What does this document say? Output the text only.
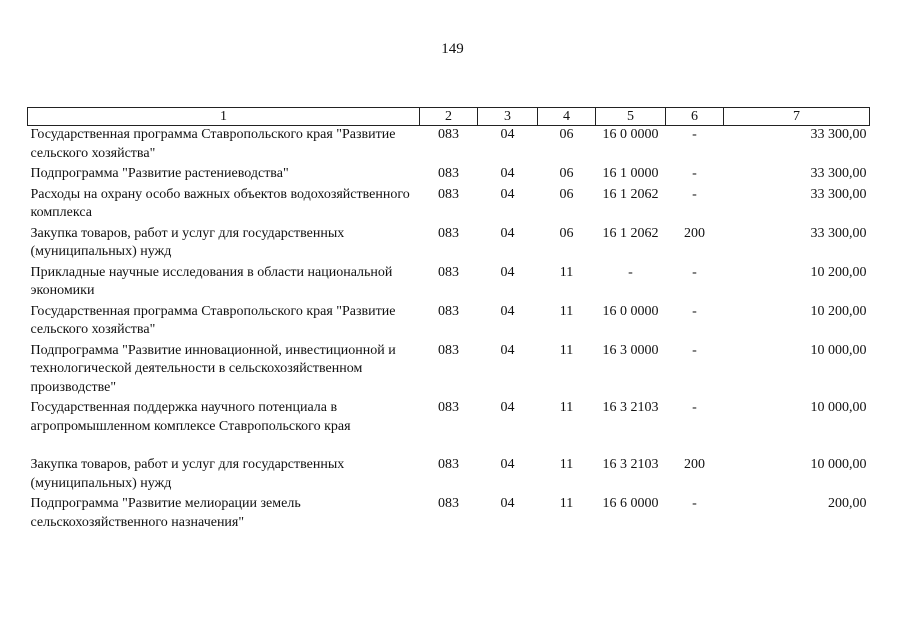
149
1	2	3	4	5	6	7
Государственная программа Ставропольского края "Развитие сельского хозяйства"	083	04	06	16 0 0000	-	33 300,00
Подпрограмма "Развитие растениеводства"	083	04	06	16 1 0000	-	33 300,00
Расходы на охрану особо важных объектов водохозяйственного комплекса	083	04	06	16 1 2062	-	33 300,00
Закупка товаров, работ и услуг для государственных (муниципальных) нужд	083	04	06	16 1 2062	200	33 300,00
Прикладные научные исследования в области национальной экономики	083	04	11	-	-	10 200,00
Государственная программа Ставропольского края "Развитие сельского хозяйства"	083	04	11	16 0 0000	-	10 200,00
Подпрограмма "Развитие инновационной, инвестиционной и технологической деятельности в сельскохозяйственном производстве"	083	04	11	16 3 0000	-	10 000,00
Государственная поддержка научного потенциала в агропромышленном комплексе Ставропольского края	083	04	11	16 3 2103	-	10 000,00
Закупка товаров, работ и услуг для государственных (муниципальных) нужд	083	04	11	16 3 2103	200	10 000,00
Подпрограмма "Развитие мелиорации земель сельскохозяйственного назначения"	083	04	11	16 6 0000	-	200,00
